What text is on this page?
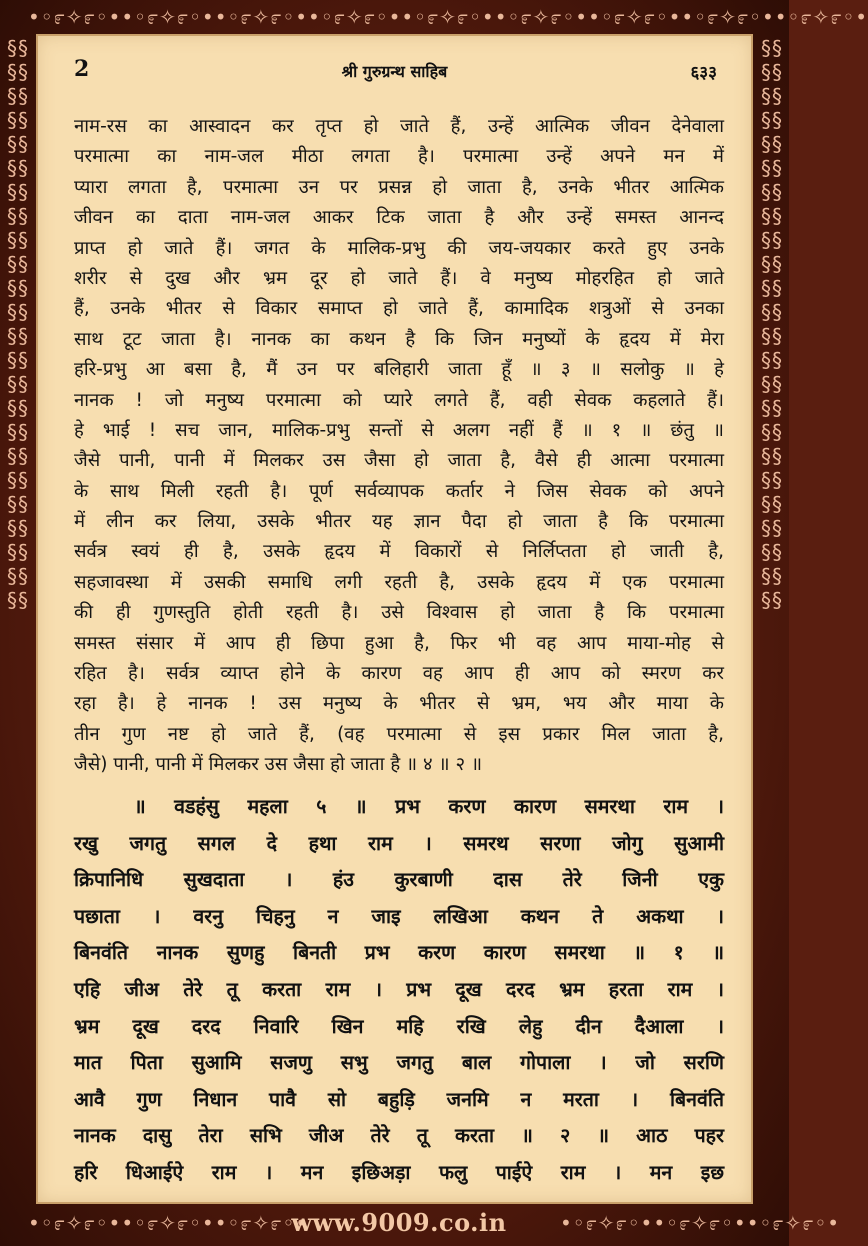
•◦೯✧೯◦••◦೯✧೯◦••◦೯✧೯◦••◦೯✧೯◦••◦೯✧೯◦••◦೯✧೯◦••◦೯✧೯◦••◦೯✧೯◦••◦೯✧೯◦•
§§§§§§§§§§§§§§§§§§§§§§§§§§§§§§§§§§§§§§§§§§§§§§§§
§§§§§§§§§§§§§§§§§§§§§§§§§§§§§§§§§§§§§§§§§§§§§§§§
•◦೯✧೯◦••◦೯✧೯◦••◦೯✧೯◦•	•◦೯✧೯◦••◦೯✧೯◦••◦೯✧೯◦•
2	श्री गुरुग्रन्थ साहिब	६३३
नाम-रस का आस्वादन कर तृप्त हो जाते हैं, उन्हें आत्मिक जीवन देनेवाला
परमात्मा का नाम-जल मीठा लगता है। परमात्मा उन्हें अपने मन में
प्यारा लगता है, परमात्मा उन पर प्रसन्न हो जाता है, उनके भीतर आत्मिक
जीवन का दाता नाम-जल आकर टिक जाता है और उन्हें समस्त आनन्द
प्राप्त हो जाते हैं। जगत के मालिक-प्रभु की जय-जयकार करते हुए उनके
शरीर से दुख और भ्रम दूर हो जाते हैं। वे मनुष्य मोहरहित हो जाते
हैं, उनके भीतर से विकार समाप्त हो जाते हैं, कामादिक शत्रुओं से उनका
साथ टूट जाता है। नानक का कथन है कि जिन मनुष्यों के हृदय में मेरा
हरि-प्रभु आ बसा है, मैं उन पर बलिहारी जाता हूँ ॥ ३ ॥ सलोकु ॥ हे
नानक ! जो मनुष्य परमात्मा को प्यारे लगते हैं, वही सेवक कहलाते हैं।
हे भाई ! सच जान, मालिक-प्रभु सन्तों से अलग नहीं हैं ॥ १ ॥ छंतु ॥
जैसे पानी, पानी में मिलकर उस जैसा हो जाता है, वैसे ही आत्मा परमात्मा
के साथ मिली रहती है। पूर्ण सर्वव्यापक कर्तार ने जिस सेवक को अपने
में लीन कर लिया, उसके भीतर यह ज्ञान पैदा हो जाता है कि परमात्मा
सर्वत्र स्वयं ही है, उसके हृदय में विकारों से निर्लिप्तता हो जाती है,
सहजावस्था में उसकी समाधि लगी रहती है, उसके हृदय में एक परमात्मा
की ही गुणस्तुति होती रहती है। उसे विश्वास हो जाता है कि परमात्मा
समस्त संसार में आप ही छिपा हुआ है, फिर भी वह आप माया-मोह से
रहित है। सर्वत्र व्याप्त होने के कारण वह आप ही आप को स्मरण कर
रहा है। हे नानक ! उस मनुष्य के भीतर से भ्रम, भय और माया के
तीन गुण नष्ट हो जाते हैं, (वह परमात्मा से इस प्रकार मिल जाता है,
जैसे) पानी, पानी में मिलकर उस जैसा हो जाता है ॥ ४ ॥ २ ॥
॥ वडहंसु महला ५ ॥ प्रभ करण कारण समरथा राम ।
रखु जगतु सगल दे हथा राम । समरथ सरणा जोगु सुआमी
क्रिपानिधि सुखदाता । हंउ कुरबाणी दास तेरे जिनी एकु
पछाता । वरनु चिहनु न जाइ लखिआ कथन ते अकथा ।
बिनवंति नानक सुणहु बिनती प्रभ करण कारण समरथा ॥ १ ॥
एहि जीअ तेरे तू करता राम । प्रभ दूख दरद भ्रम हरता राम ।
भ्रम दूख दरद निवारि खिन महि रखि लेहु दीन दैआला ।
मात पिता सुआमि सजणु सभु जगतु बाल गोपाला । जो सरणि
आवै गुण निधान पावै सो बहुड़ि जनमि न मरता । बिनवंति
नानक दासु तेरा सभि जीअ तेरे तू करता ॥ २ ॥ आठ पहर
हरि धिआईऐ राम । मन इछिअड़ा फलु पाईऐ राम । मन इछ
www.9009.co.in
